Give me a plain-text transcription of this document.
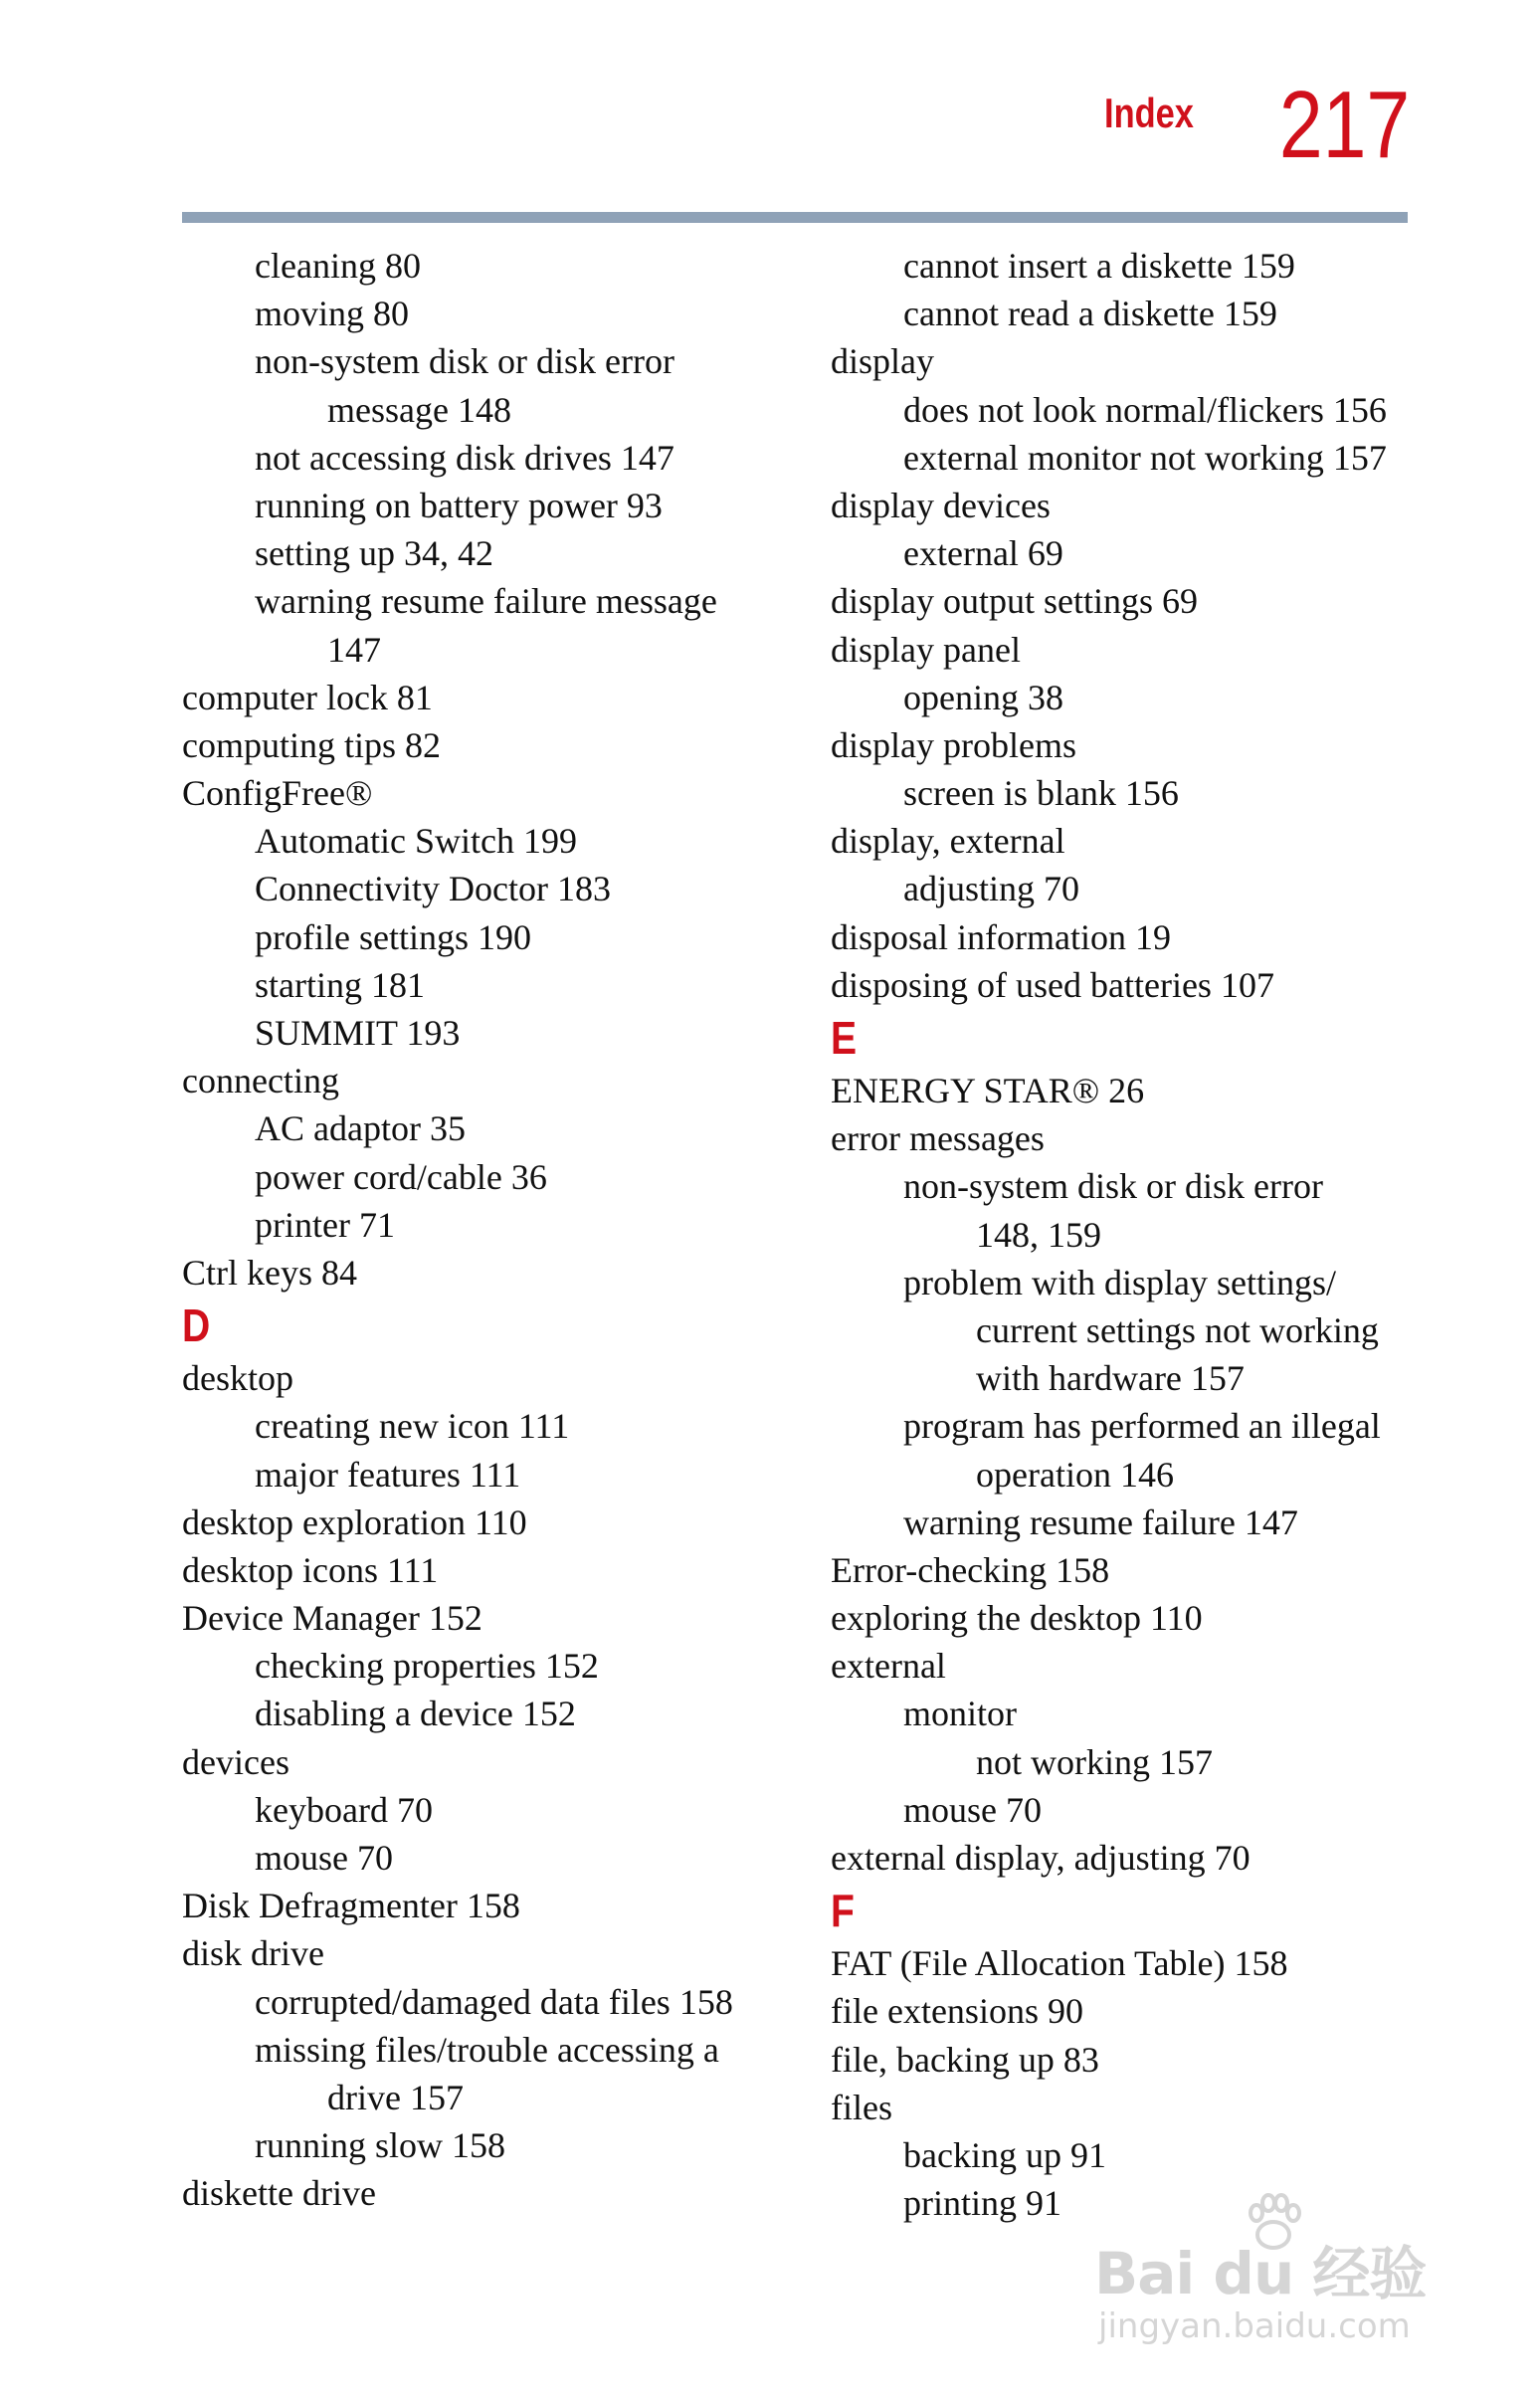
Index 217
cleaning 80
moving 80
non-system disk or disk error
message 148
not accessing disk drives 147
running on battery power 93
setting up 34, 42
warning resume failure message
147
computer lock 81
computing tips 82
ConfigFree®
Automatic Switch 199
Connectivity Doctor 183
profile settings 190
starting 181
SUMMIT 193
connecting
AC adaptor 35
power cord/cable 36
printer 71
Ctrl keys 84
D
desktop
creating new icon 111
major features 111
desktop exploration 110
desktop icons 111
Device Manager 152
checking properties 152
disabling a device 152
devices
keyboard 70
mouse 70
Disk Defragmenter 158
disk drive
corrupted/damaged data files 158
missing files/trouble accessing a
drive 157
running slow 158
diskette drive
cannot insert a diskette 159
cannot read a diskette 159
display
does not look normal/flickers 156
external monitor not working 157
display devices
external 69
display output settings 69
display panel
opening 38
display problems
screen is blank 156
display, external
adjusting 70
disposal information 19
disposing of used batteries 107
E
ENERGY STAR® 26
error messages
non-system disk or disk error
148, 159
problem with display settings/
current settings not working
with hardware 157
program has performed an illegal
operation 146
warning resume failure 147
Error-checking 158
exploring the desktop 110
external
monitor
not working 157
mouse 70
external display, adjusting 70
F
FAT (File Allocation Table) 158
file extensions 90
file, backing up 83
files
backing up 91
printing 91
Bai du 经验
jingyan.baidu.com
